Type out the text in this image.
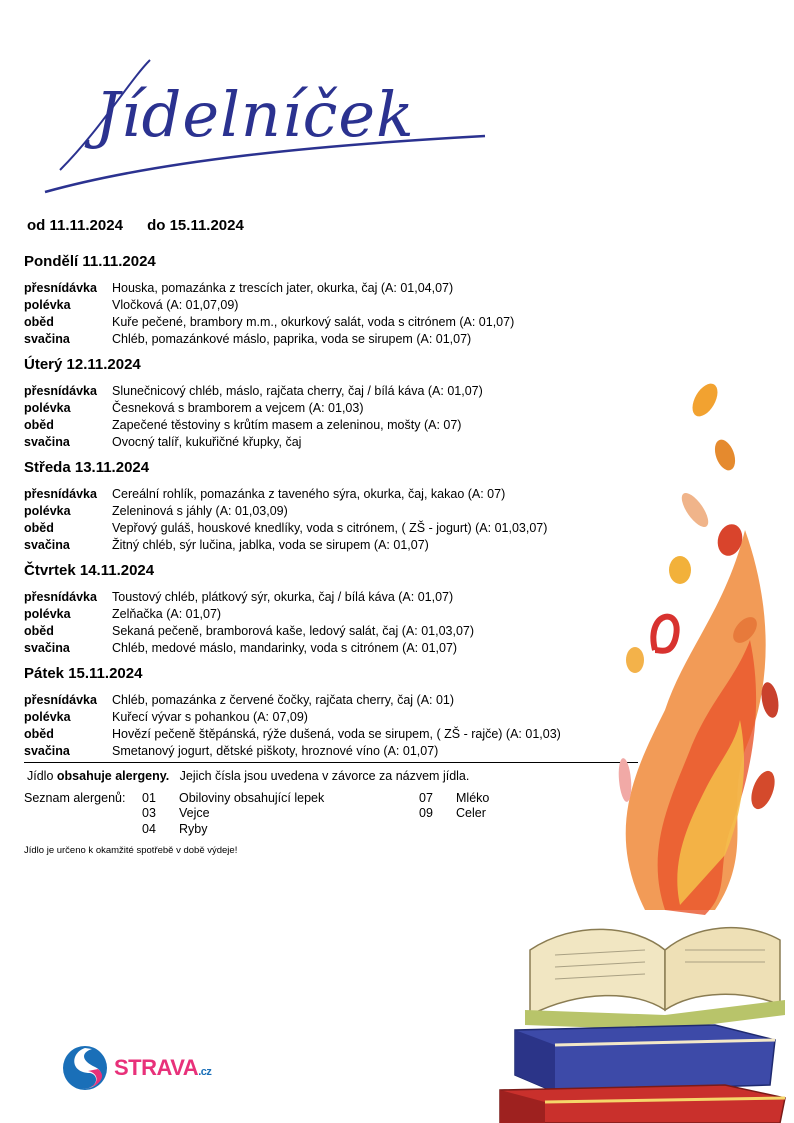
Jídelníček
od 11.11.2024 do 15.11.2024
Pondělí 11.11.2024
přesnídávka Houska, pomazánka z trescích jater, okurka, čaj (A: 01,04,07)
polévka	Vločková (A: 01,07,09)
oběd	Kuře pečené, brambory m.m., okurkový salát, voda s citrónem (A: 01,07)
svačina	Chléb, pomazánkové máslo, paprika, voda se sirupem (A: 01,07)
Úterý 12.11.2024
přesnídávka Slunečnicový chléb, máslo, rajčata cherry, čaj / bílá káva (A: 01,07)
polévka	Česneková s bramborem a vejcem (A: 01,03)
oběd	Zapečené těstoviny s krůtím masem a zeleninou, mošty (A: 07)
svačina	Ovocný talíř, kukuřičné křupky, čaj
Středa 13.11.2024
přesnídávka Cereální rohlík, pomazánka z taveného sýra, okurka, čaj, kakao (A: 07)
polévka	Zeleninová s jáhly (A: 01,03,09)
oběd	Vepřový guláš, houskové knedlíky, voda s citrónem, ( ZŠ - jogurt) (A: 01,03,07)
svačina	Žitný chléb, sýr lučina, jablka, voda se sirupem (A: 01,07)
Čtvrtek 14.11.2024
přesnídávka Toustový chléb, plátkový sýr, okurka, čaj / bílá káva (A: 01,07)
polévka	Zelňačka (A: 01,07)
oběd	Sekaná pečeně, bramborová kaše, ledový salát, čaj (A: 01,03,07)
svačina	Chléb, medové máslo, mandarinky, voda s citrónem (A: 01,07)
Pátek 15.11.2024
přesnídávka Chléb, pomazánka z červené čočky, rajčata cherry, čaj (A: 01)
polévka	Kuřecí vývar s pohankou (A: 07,09)
oběd	Hovězí pečeně štěpánská, rýže dušená, voda se sirupem, ( ZŠ - rajče) (A: 01,03)
svačina	Smetanový jogurt, dětské piškoty, hroznové víno (A: 01,07)
Jídlo obsahuje alergeny.   Jejich čísla jsou uvedena v závorce za názvem jídla.
Seznam alergenů: 01 Obiloviny obsahující lepek
03 Vejce
04 Ryby
07 Mléko
09 Celer
Jídlo je určeno k okamžité spotřebě v době výdeje!
STRAVA.cz
